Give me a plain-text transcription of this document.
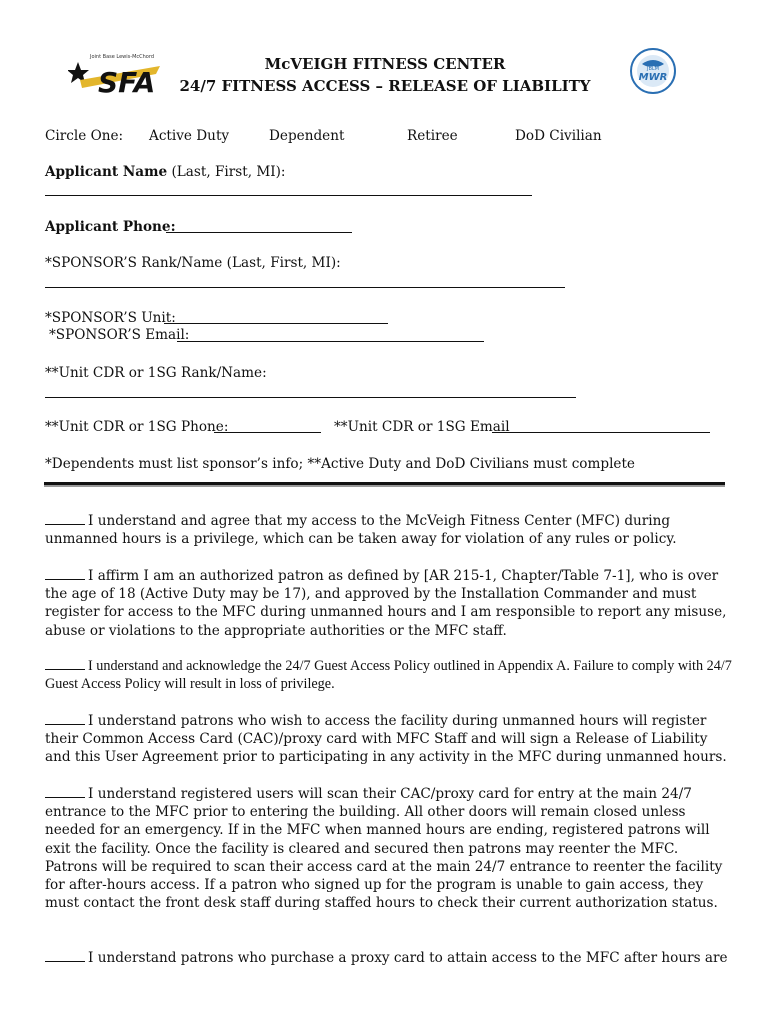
Joint Base Lewis-McChord
SFA
McVEIGH FITNESS CENTER
24/7 FITNESS ACCESS – RELEASE OF LIABILITY
JBLM
MWR
Circle One: Active Duty	Dependent	Retiree	DoD Civilian
Applicant Name (Last, First, MI):
Applicant Phone:
*SPONSOR’S Rank/Name (Last, First, MI):
*SPONSOR’S Unit:
*SPONSOR’S Email:
**Unit CDR or 1SG Rank/Name:
**Unit CDR or 1SG Phone:	**Unit CDR or 1SG Email
*Dependents must list sponsor’s info; **Active Duty and DoD Civilians must complete
I understand and agree that my access to the McVeigh Fitness Center (MFC) during unmanned hours is a privilege, which can be taken away for violation of any rules or policy.
I affirm I am an authorized patron as defined by [AR 215-1, Chapter/Table 7-1], who is over the age of 18 (Active Duty may be 17), and approved by the Installation Commander and must register for access to the MFC during unmanned hours and I am responsible to report any misuse, abuse or violations to the appropriate authorities or the MFC staff.
I understand and acknowledge the 24/7 Guest Access Policy outlined in Appendix A. Failure to comply with 24/7 Guest Access Policy will result in loss of privilege.
I understand patrons who wish to access the facility during unmanned hours will register their Common Access Card (CAC)/proxy card with MFC Staff and will sign a Release of Liability and this User Agreement prior to participating in any activity in the MFC during unmanned hours.
I understand registered users will scan their CAC/proxy card for entry at the main 24/7 entrance to the MFC prior to entering the building. All other doors will remain closed unless needed for an emergency. If in the MFC when manned hours are ending, registered patrons will exit the facility. Once the facility is cleared and secured then patrons may reenter the MFC. Patrons will be required to scan their access card at the main 24/7 entrance to reenter the facility for after-hours access. If a patron who signed up for the program is unable to gain access, they must contact the front desk staff during staffed hours to check their current authorization status.
I understand patrons who purchase a proxy card to attain access to the MFC after hours are
